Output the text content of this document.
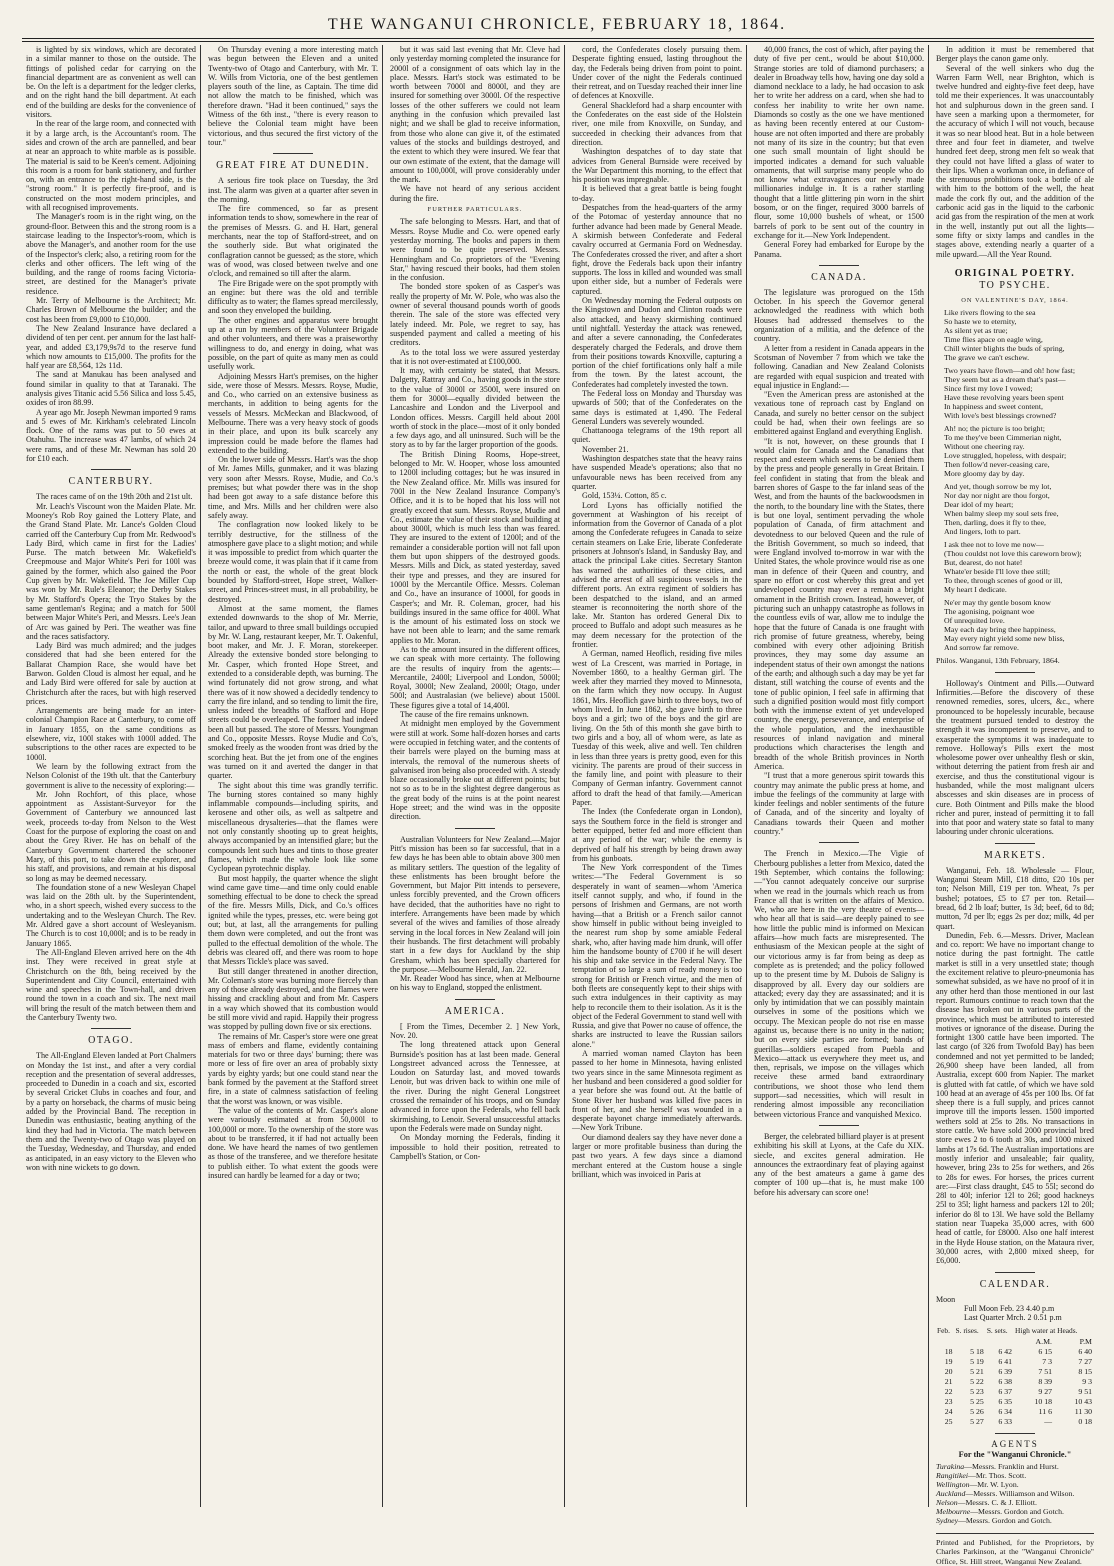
THE WANGANUI CHRONICLE, FEBRUARY 18, 1864.

is lighted by six windows, which are decorated in a similar manner to those on the outside. The fittings of polished cedar for carrying on the financial department are as convenient as well can be. On the left is a department for the ledger clerks, and on the right hand the bill department. At each end of the building are desks for the convenience of visitors.

In the rear of the large room, and connected with it by a large arch, is the Accountant's room. The sides and crown of the arch are pannelled, and bear at near an approach to white marble as is possible. The material is said to be Keen's cement. Adjoining this room is a room for bank stationery, and further on, with an entrance to the right-hand side, is the "strong room." It is perfectly fire-proof, and is constructed on the most modern principles, and with all recognised improvements.

The Manager's room is in the right wing, on the ground-floor. Between this and the strong room is a staircase leading to the Inspector's-room, which is above the Manager's, and another room for the use of the Inspector's clerk; also, a retiring room for the clerks and other officers. The left wing of the building, and the range of rooms facing Victoria-street, are destined for the Manager's private residence.

Mr. Terry of Melbourne is the Architect; Mr. Charles Brown of Melbourne the builder; and the cost has been from £9,000 to £10,000.

The New Zealand Insurance have declared a dividend of ten per cent. per annum for the last half-year, and added £3,179,9s7d to the reserve fund which now amounts to £15,000. The profits for the half year are £8,564, 12s 11d.

The sand at Manukau has been analysed and found similar in quality to that at Taranaki. The analysis gives Titanic acid 5.56 Silica and loss 5.45, oxides of iron 88.99.

A year ago Mr. Joseph Newman imported 9 rams and 5 ewes of Mr. Kirkham's celebrated Lincoln flock. One of the rams was put to 50 ewes at Otahuhu. The increase was 47 lambs, of which 24 were rams, and of these Mr. Newman has sold 20 for £10 each.

CANTERBURY.

The races came of on the 19th 20th and 21st ult.

Mr. Leach's Viscount won the Maiden Plate. Mr. Mooney's Rob Roy gained the Lottery Plate, and the Grand Stand Plate. Mr. Lance's Golden Cloud carried off the Canterbury Cup from Mr. Redwood's Lady Bird, which came in first for the Ladies' Purse. The match between Mr. Wakefield's Creepmouse and Major White's Peri for 100l was gained by the former, which also gained the Poor Cup given by Mr. Wakefield. The Joe Miller Cup was won by Mr. Rule's Eleanor; the Derby Stakes by Mr. Stafford's Opera; the Tryo Stakes by the same gentleman's Regina; and a match for 500l between Major White's Peri, and Messrs. Lee's Jean of Arc was gained by Peri. The weather was fine and the races satisfactory.

Lady Bird was much admired; and the judges considered that had she been entered for the Ballarat Champion Race, she would have bet Barwon. Golden Cloud is almost her equal, and he and Lady Bird were offered for sale by auction at Christchurch after the races, but with high reserved prices.

Arrangements are being made for an inter-colonial Champion Race at Canterbury, to come off in January 1855, on the same conditions as elsewhere, viz, 100l stakes with 1000l added. The subscriptions to the other races are expected to be 1000l.

We learn by the following extract from the Nelson Colonist of the 19th ult. that the Canterbury government is alive to the necessity of exploring:—

Mr. John Rochfort, of this place, whose appointment as Assistant-Surveyor for the Government of Canterbury we announced last week, proceeds to-day from Nelson to the West Coast for the purpose of exploring the coast on and about the Grey River. He has on behalf of the Canterbury Government chartered the schooner Mary, of this port, to take down the explorer, and his staff, and provisions, and remain at his disposal so long as may be deemed necessary.

The foundation stone of a new Wesleyan Chapel was laid on the 28th ult. by the Superintendent, who, in a short speech, wished every success to the undertaking and to the Wesleyan Church. The Rev. Mr. Aldred gave a short account of Wesleyanism. The Church is to cost 10,000l; and is to be ready in January 1865.

The All-England Eleven arrived here on the 4th inst. They were received in great style at Christchurch on the 8th, being received by the Superintendent and City Council, entertained with wine and speeches in the Town-hall, and driven round the town in a coach and six. The next mail will bring the result of the match between them and the Canterbury Twenty two.

OTAGO.

The All-England Eleven landed at Port Chalmers on Monday the 1st inst., and after a very cordial reception and the presentation of several addresses, proceeded to Dunedin in a coach and six, escorted by several Cricket Clubs in coaches and four, and by a party on horseback, the charms of music being added by the Provincial Band. The reception in Dunedin was enthusiastic, beating anything of the kind they had had in Victoria. The match between them and the Twenty-two of Otago was played on the Tuesday, Wednesday, and Thursday, and ended as anticipated, in an easy victory to the Eleven who won with nine wickets to go down.

On Thursday evening a more interesting match was begun between the Eleven and a united Twenty-two of Otago and Canterbury, with Mr. T. W. Wills from Victoria, one of the best gentlemen players south of the line, as Captain. The time did not allow the match to be finished, which was therefore drawn. "Had it been continued," says the Witness of the 6th inst., "there is every reason to believe the Colonial team might have been victorious, and thus secured the first victory of the tour."

GREAT FIRE AT DUNEDIN.

A serious fire took place on Tuesday, the 3rd inst. The alarm was given at a quarter after seven in the morning.

The fire commenced, so far as present information tends to show, somewhere in the rear of the premises of Messrs. G. and H. Hart, general merchants, near the top of Stafford-street, and on the southerly side. But what originated the conflagration cannot be guessed; as the store, which was of wood, was closed between twelve and one o'clock, and remained so till after the alarm.

The Fire Brigade were on the spot promptly with an engine: but there was the old and terrible difficulty as to water; the flames spread mercilessly, and soon they enveloped the building.

The other engines and apparatus were brought up at a run by members of the Volunteer Brigade and other volunteers, and there was a praiseworthy willingness to do, and energy in doing, what was possible, on the part of quite as many men as could usefully work.

Adjoining Messrs Hart's premises, on the higher side, were those of Messrs. Messrs. Royse, Mudie, and Co., who carried on an extensive business as merchants, in addition to being agents for the vessels of Messrs. McMeckan and Blackwood, of Melbourne. There was a very heavy stock of goods in their place, and upon its bulk scarcely any impression could be made before the flames had extended to the building.

On the lower side of Messrs. Hart's was the shop of Mr. James Mills, gunmaker, and it was blazing very soon after Messrs. Royse, Mudie, and Co.'s premises; but what powder there was in the shop had been got away to a safe distance before this time, and Mrs. Mills and her children were also safely away.

The conflagration now looked likely to be terribly destructive, for the stillness of the atmosphere gave place to a slight motion; and while it was impossible to predict from which quarter the breeze would come, it was plain that if it came from the north or east, the whole of the great block bounded by Stafford-street, Hope street, Walker-street, and Princes-street must, in all probability, be destroyed.

Almost at the same moment, the flames extended downwards to the shop of Mr. Merrie, tailor, and upward to three small buildings occupied by Mr. W. Lang, restaurant keeper, Mr. T. Oakenful, boot maker, and Mr. J. F. Moran, storekeeper. Already the extensive bonded store belonging to Mr. Casper, which fronted Hope Street, and extended to a considerable depth, was burning. The wind fortunately did not grow strong, and what there was of it now showed a decidedly tendency to carry the fire inland, and so tending to limit the fire, unless indeed the breadths of Stafford and Hope streets could be overleaped. The former had indeed been all but passed. The store of Messrs. Youngman and Co., opposite Messrs. Royse Mudie and Co's, smoked freely as the wooden front was dried by the scorching heat. But the jet from one of the engines was turned on it and averted the danger in that quarter.

The sight about this time was grandly terrific. The burning stores contained so many highly inflammable compounds—including spirits, and kerosene and other oils, as well as saltpetre and miscellaneous drysalteries—that the flames were not only constantly shooting up to great heights, always accompanied by an intensified glare; but the compounds lent such hues and tints to those greater flames, which made the whole look like some Cyclopean pyrotechnic display.

But most happily, the quarter whence the slight wind came gave time—and time only could enable something effectual to be done to check the spread of the fire. Messrs Mills, Dick, and Co.'s offices ignited while the types, presses, etc. were being got out; but, at last, all the arrangements for pulling them down were completed, and out the front was pulled to the effectual demolition of the whole. The debris was cleared off, and there was room to hope that Messrs Tickle's place was saved.

But still danger threatened in another direction, Mr. Coleman's store was burning more fiercely than any of those already destroyed, and the flames were hissing and crackling about and from Mr. Caspers in a way which showed that its combustion would be still more vivid and rapid. Happily their progress was stopped by pulling down five or six erections.

The remains of Mr. Casper's store were one great mass of embers and flame, evidently containing materials for two or three days' burning; there was more or less of fire over an area of probably sixty yards by eighty yards; but one could stand near the bank formed by the pavement at the Stafford street fire, in a state of calmness satisfaction of feeling that the worst was known, or was visible.

The value of the contents of Mr. Casper's alone were variously estimated at from 50,000l to 100,000l or more. To the ownership of the store was about to be transferred, it if had not actually been done. We have heard the names of two gentlemen as those of the transferee, and we therefore hesitate to publish either. To what extent the goods were insured can hardly be learned for a day or two;

but it was said last evening that Mr. Cleve had only yesterday morning completed the insurance for 2000l of a consignment of oats which lay in the place. Messrs. Hart's stock was estimated to be worth between 7000l and 8000l, and they are insured for something over 3000l. Of the respective losses of the other sufferers we could not learn anything in the confusion which prevailed last night; and we shall be glad to receive information, from those who alone can give it, of the estimated values of the stocks and buildings destroyed, and the extent to which they were insured. We fear that our own estimate of the extent, that the damage will amount to 100,000l, will prove considerably under the mark.

We have not heard of any serious accident during the fire.

FURTHER PARTICULARS.

The safe belonging to Messrs. Hart, and that of Messrs. Royse Mudie and Co. were opened early yesterday morning. The books and papers in them were found to be quite preserved. Messrs. Henningham and Co. proprietors of the "Evening Star," having rescued their books, had them stolen in the confusion.

The bonded store spoken of as Casper's was really the property of Mr. W. Pole, who was also the owner of several thousand pounds worth of goods therein. The sale of the store was effected very lately indeed. Mr. Pole, we regret to say, has suspended payment and called a meeting of his creditors.

As to the total loss we were assured yesterday that it is not over-estimated at £100,000.

It may, with certainty be stated, that Messrs. Dalgetty, Rattray and Co., having goods in the store to the value of 3000l or 3500l, were insured on them for 3000l—equally divided between the Lancashire and London and the Liverpool and London offices. Messrs. Cargill held about 200l worth of stock in the place—most of it only bonded a few days ago, and all uninsured. Such will be the story as to by far the larger proportion of the goods.

The British Dining Rooms, Hope-street, belonged to Mr. W. Hooper, whose loss amounted to 1200l including cottages; but he was insured in the New Zealand office. Mr. Mills was insured for 700l in the New Zealand Insurance Company's Office, and it is to be hoped that his loss will not greatly exceed that sum. Messrs. Royse, Mudie and Co., estimate the value of their stock and building at about 3000l, which is much less than was feared. They are insured to the extent of 1200l; and of the remainder a considerable portion will not fall upon them but upon shippers of the destroyed goods. Messrs. Mills and Dick, as stated yesterday, saved their type and presses, and they are insured for 1000l by the Mercantile Office. Messrs. Coleman and Co., have an insurance of 1000l, for goods in Casper's; and Mr. R. Coleman, grocer, had his buildings insured in the same office for 400l. What is the amount of his estimated loss on stock we have not been able to learn; and the same remark applies to Mr. Moran.

As to the amount insured in the different offices, we can speak with more certainty. The following are the results of inquiry from the agents:—Mercantile, 2400l; Liverpool and London, 5000l; Royal, 3000l; New Zealand, 2000l; Otago, under 500l; and Australasian (we believe) about 1500l. These figures give a total of 14,400l.

The cause of the fire remains unknown.

At midnight men employed by the Government were still at work. Some half-dozen horses and carts were occupied in fetching water, and the contents of their barrels were played on the burning mass at intervals, the removal of the numerous sheets of galvanised iron being also proceeded with. A steady blaze occasionally broke out at different points; but not so as to be in the slightest degree dangerous as the great body of the ruins is at the point nearest Hope street; and the wind was in the opposite direction.

Australian Volunteers for New Zealand.—Major Pitt's mission has been so far successful, that in a few days he has been able to obtain above 300 men as military settlers. The question of the legality of these enlistments has been brought before the Government, but Major Pitt intends to persevere, unless forcibly prevented, and the Crown officers have decided, that the authorities have no right to interfere. Arrangements have been made by which several of the wives and families of those already serving in the local forces in New Zealand will join their husbands. The first detachment will probably start in a few days for Auckland by the ship Gresham, which has been specially chartered for the purpose.—Melbourne Herald, Jan. 22.

Mr. Reader Wood has since, when at Melbourne on his way to England, stopped the enlistment.

AMERICA.

[ From the Times, December 2. ] New York, Nov. 20.

The long threatened attack upon General Burnside's position has at last been made. General Longstreet advanced across the Tennessee, at Loudon on Saturday last, and moved towards Lenoir, but was driven back to within one mile of the river. During the night General Longstreet crossed the remainder of his troops, and on Sunday advanced in force upon the Federals, who fell back skirmishing, to Lenoir. Several unsuccessful attacks upon the Federals were made on Sunday night.

On Monday morning the Federals, finding it impossible to hold their position, retreated to Campbell's Station, or Con-

cord, the Confederates closely pursuing them. Desperate fighting ensued, lasting throughout the day, the Federals being driven from point to point. Under cover of the night the Federals continued their retreat, and on Tuesday reached their inner line of defences at Knoxville.

General Shackleford had a sharp encounter with the Confederates on the east side of the Holstein river, one mile from Knoxville, on Sunday, and succeeded in checking their advances from that direction.

Washington despatches of to day state that advices from General Burnside were received by the War Department this morning, to the effect that his position was impregnable.

It is believed that a great battle is being fought to-day.

Despatches from the head-quarters of the army of the Potomac of yesterday announce that no further advance had been made by General Meade. A skirmish between Confederate and Federal cavalry occurred at Germania Ford on Wednesday. The Confederates crossed the river, and after a short fight, drove the Federals back upon their infantry supports. The loss in killed and wounded was small upon either side, but a number of Federals were captured.

On Wednesday morning the Federal outposts on the Kingstown and Dudon and Clinton roads were also attacked, and heavy skirmishing continued until nightfall. Yesterday the attack was renewed, and after a severe cannonading, the Confederates desperately charged the Federals, and drove them from their positions towards Knoxville, capturing a portion of the chief fortifications only half a mile from the town. By the latest account, the Confederates had completely invested the town.

The Federal loss on Monday and Thursday was upwards of 500; that of the Confederates on the same days is estimated at 1,490. The Federal General Lunders was severely wounded.

Chattanooga telegrams of the 19th report all quiet.

November 21.

Washington despatches state that the heavy rains have suspended Meade's operations; also that no unfavourable news has been received from any quarter.

Gold, 153¼. Cotton, 85 c.

Lord Lyons has officially notified the government at Washington of his receipt of information from the Governor of Canada of a plot among the Confederate refugees in Canada to seize certain steamers on Lake Erie, liberate Confederate prisoners at Johnson's Island, in Sandusky Bay, and attack the principal Lake cities. Secretary Stanton has warned the authorities of these cities, and advised the arrest of all suspicious vessels in the different ports. An extra regiment of soldiers has been despatched to the island, and an armed steamer is reconnoitering the north shore of the lake. Mr. Stanton has ordered General Dix to proceed to Buffalo and adopt such measures as he may deem necessary for the protection of the frontier.

A German, named Heoflich, residing five miles west of La Crescent, was married in Portage, in November 1860, to a healthy German girl. The week after they married they moved to Minnesota, on the farm which they now occupy. In August 1861, Mrs. Heoflich gave birth to three boys, two of whom lived. In June 1862, she gave birth to three boys and a girl; two of the boys and the girl are living. On the 5th of this month she gave birth to two girls and a boy, all of whom were, as late as Tuesday of this week, alive and well. Ten children in less than three years is pretty good, even for this vicinity. The parents are proud of their success in the family line, and point with pleasure to their Company of German infantry. Government cannot afford to draft the head of that family.—American Paper.

The Index (the Confederate organ in London), says the Southern force in the field is stronger and better equipped, better fed and more efficient than at any period of the war; while the enemy is deprived of half his strength by being drawn away from his gunboats.

The New York correspondent of the Times writes:—"The Federal Government is so desperately in want of seamen—whom 'America itself cannot supply, and who, if found in the persons of Irishmen and Germans, are not worth having—that a British or a French sailor cannot show himself in public without being inveigled to the nearest rum shop by some amiable Federal shark, who, after having made him drunk, will offer him the handsome bounty of £700 if he will desert his ship and take service in the Federal Navy. The temptation of so large a sum of ready money is too strong for British or French virtue, and the men of both fleets are consequently kept to their ships with such extra indulgences in their captivity as may help to reconcile them to their isolation. As it is the object of the Federal Government to stand well with Russia, and give that Power no cause of offence, the sharks are instructed to leave the Russian sailors alone."

A married woman named Clayton has been passed to her home in Minnesota, having enlisted two years since in the same Minnesota regiment as her husband and been considered a good soldier for a year before she was found out. At the battle of Stone River her husband was killed five paces in front of her, and she herself was wounded in a desperate bayonet charge immediately afterwards.—New York Tribune.

Our diamond dealers say they have never done a larger or more profitable business than during the past two years. A few days since a diamond merchant entered at the Custom house a single brilliant, which was invoiced in Paris at

40,000 francs, the cost of which, after paying the duty of five per cent., would be about $10,000. Strange stories are told of diamond purchasers; a dealer in Broadway tells how, having one day sold a diamond necklace to a lady, he had occasion to ask her to write her address on a card, when she had to confess her inability to write her own name. Diamonds so costly as the one we have mentioned as having been recently entered at our Custom-house are not often imported and there are probably not many of its size in the country; but that even one such small mountain of light should be imported indicates a demand for such valuable ornaments, that will surprise many people who do not know what extravagances our newly made millionaries indulge in. It is a rather startling thought that a little glittering pin worn in the shirt bosom, or on the finger, required 3000 barrels of flour, some 10,000 bushels of wheat, or 1500 barrels of pork to be sent out of the country in exchange for it.—New York Independent.

General Forey had embarked for Europe by the Panama.

CANADA.

The legislature was prorogued on the 15th October. In his speech the Governor general acknowledged the readiness with which both Houses had addressed themselves to the organization of a militia, and the defence of the country.

A letter from a resident in Canada appears in the Scotsman of November 7 from which we take the following. Canadian and New Zealand Colonists are regarded with equal suspicion and treated with equal injustice in England:—

"Even the American press are astonished at the vexatious tone of reproach cast by England on Canada, and surely no better censor on the subject could be had, when their own feelings are so embittered against England and everything English.

"It is not, however, on these grounds that I would claim for Canada and the Canadians that respect and esteem which seems to be denied them by the press and people generally in Great Britain. I feel confident in stating that from the bleak and barren shores of Gaspe to the far inland seas of the West, and from the haunts of the backwoodsmen in the north, to the boundary line with the States, there is but one loyal, sentiment pervading the whole population of Canada, of firm attachment and devotedness to our beloved Queen and the rule of the British Government, so much so indeed, that were England involved to-morrow in war with the United States, the whole province would rise as one man in defence of their Queen and country, and spare no effort or cost whereby this great and yet undeveloped country may ever a remain a bright ornament in the British crown. Instead, however, of picturing such an unhappy catastrophe as follows in the countless evils of war, allow me to indulge the hope that the future of Canada is one fraught with rich promise of future greatness, whereby, being combined with every other adjoining British provinces, they may some day assume an independent status of their own amongst the nations of the earth; and although such a day may be yet far distant, still watching the course of events and the tone of public opinion, I feel safe in affirming that such a dignified position would most fitly comport both with the immense extent of yet undeveloped country, the energy, perseverance, and enterprise of the whole population, and the inexhaustible resources of inland navigation and mineral productions which characterises the length and breadth of the whole British provinces in North America.

"I trust that a more generous spirit towards this country may animate the public press at home, and imbue the feelings of the community at large with kinder feelings and nobler sentiments of the future of Canada, and of the sincerity and loyalty of Canadians towards their Queen and mother country."

The French in Mexico.—The Vigie of Cherbourg publishes a letter from Mexico, dated the 19th September, which contains the following:—"You cannot adequately conceive our surprise when we read in the journals which reach us from France all that is written on the affairs of Mexico. We, who are here in the very theatre of events—who hear all that is said—are deeply pained to see how little the public mind is informed on Mexican affairs—how much facts are misrepresented. The enthusiasm of the Mexican people at the sight of our victorious army is far from being as deep as complete as is pretended; and the policy followed up to the present time by M. Dubois de Saligny is disapproved by all. Every day our soldiers are attacked; every day they are assassinated; and it is only by intimidation that we can possibly maintain ourselves in some of the positions which we occupy. The Mexican people do not rise en masse against us, because there is no unity in the nation; but on every side parties are formed; bands of guerillas—soldiers escaped from Puebla and Mexico—attack us everywhere they meet us, and then, reprisals, we impose on the villages which receive these armed band extraordinary contributions, we shoot those who lend them support—sad necessities, which will result in rendering almost impossible any reconciliation between victorious France and vanquished Mexico.

Berger, the celebrated billiard player is at present exhibiting his skill at Lyons, at the Cafe du XIX. siecle, and excites general admiration. He announces the extraordinary feat of playing against any of the best amateurs a game à game des compter of 100 up—that is, he must make 100 before his adversary can score one!

In addition it must be remembered that Berger plays the canon game only.

Several of the well sinkers who dug the Warren Farm Well, near Brighton, which is twelve hundred and eighty-five feet deep, have told me their experiences. It was unaccountably hot and sulphurous down in the green sand. I have seen a marking upon a thermometer, for the accuracy of which I will not vouch, because it was so near blood heat. But in a hole between three and four feet in diameter, and twelve hundred feet deep, strong men felt so weak that they could not have lifted a glass of water to their lips. When a workman once, in defiance of the strenuous prohibitions took a bottle of ale with him to the bottom of the well, the heat made the cork fly out, and the addition of the carbonic acid gas in the liquid to the carbonic acid gas from the respiration of the men at work in the well, instantly put out all the lights—some fifty or sixty lamps and candles in the stages above, extending nearly a quarter of a mile upward.—All the Year Round.

ORIGINAL POETRY.
TO PSYCHE.
ON VALENTINE'S DAY, 1864.
Like rivers flowing to the sea
So haste we to eternity,
As silent yet as true;
Time flies apace on eagle wing,
Chill winter blights the buds of spring,
The grave we can't eschew.
Two years have flown—and oh! how fast;
They seem but as a dream that's past—
Since first my love I vowed;
Have these revolving years been spent
In happiness and sweet content,
With love's best blessings crowned?
Ah! no; the picture is too bright;
To me they've been Cimmerian night,
Without one cheering ray.
Love struggled, hopeless, with despair;
Then follow'd never-ceasing care,
More gloomy day by day.
And yet, though sorrow be my lot,
Nor day nor night are thou forgot,
Dear idol of my heart;
When balmy sleep my soul sets free,
Then, darling, does it fly to thee,
And lingers, loth to part.
I ask thee not to love me now—
(Thou couldst not love this careworn brow);
But, dearest, do not hate!
Whate'er beside I'll love thee still;
To thee, through scenes of good or ill,
My heart I dedicate.
Ne'er may thy gentle bosom know
The agonising, poignant woe
Of unrequited love.
May each day bring thee happiness,
May every night yield some new bliss,
And sorrow far remove.
Philos. Wanganui, 13th February, 1864.

Holloway's Ointment and Pills.—Outward Infirmities.—Before the discovery of these renowned remedies, sores, ulcers, &c., where pronounced to be hopelessly incurable, because the treatment pursued tended to destroy the strength it was incompetent to preserve, and to exasperate the symptoms it was inadequate to remove. Holloway's Pills exert the most wholesome power over unhealthy flesh or skin, without deterring the patient from fresh air and exercise, and thus the constitutional vigour is husbanded, while the most malignant ulcers abscesses and skin diseases are in process of cure. Both Ointment and Pills make the blood richer and purer, instead of permitting it to fall into that poor and watery state so fatal to many labouring under chronic ulcerations.

MARKETS.

Wanganui, Feb. 18. Wholesale — Flour, Wanganui Steam Mill, £18 ditto, £20 10s per ton; Nelson Mill, £19 per ton. Wheat, 7s per bushel; potatoes, £5 to £7 per ton. Retail—bread, 6d 2 lb loaf; butter, 1s 3d; beef, 6d to 8d; mutton, 7d per lb; eggs 2s per doz; milk, 4d per quart.

Dunedin, Feb. 6.—Messrs. Driver, Maclean and co. report: We have no important change to notice during the past fortnight. The cattle market is still in a very unsettled state; though the excitement relative to pleuro-pneumonia has somewhat subsided, as we have no proof of it in any other herd than those mentioned in our last report. Rumours continue to reach town that the disease has broken out in various parts of the province, which must be attributed to interested motives or ignorance of the disease. During the fortnight 1300 cattle have been imported. The last cargo (of 326 from Twofold Bay) has been condemned and not yet permitted to be landed; 26,900 sheep have been landed, all from Australia, except 600 from Napier. The market is glutted with fat cattle, of which we have sold 100 head at an average of 45s per 100 lbs. Of fat sheep there is a full supply, and prices cannot improve till the imports lessen. 1500 imported wethers sold at 25s to 28s. No transactions in store cattle. We have sold 2000 provincial bred store ewes 2 to 6 tooth at 30s, and 1000 mixed lambs at 17s 6d. The Australian importations are mostly inferior and unsaleable; fair quality, however, bring 23s to 25s for wethers, and 26s to 28s for ewes. For horses, the prices current are:—First class draught, £45 to 55l; second do 28l to 40l; inferior 12l to 26l; good hackneys 25l to 35l; light harness and packers 12l to 20l; inferior do 8l to 13l. We have sold the Bellamy station near Tuapeka 35,000 acres, with 600 head of cattle, for £8000. Also one half interest in the Hyde House station, on the Mataura river, 30,000 acres, with 2,800 mixed sheep, for £6,000.

CALENDAR.
Moon
Full Moon Feb. 23 4.40 p.m
Last Quarter Mrch. 2 0.51 p.m
Feb.	S. rises.	S. sets.	High water at Heads.	
			A.M.	P.M
18	5 18	6 42	6 15	6 40
19	5 19	6 41	7 3	7 27
20	5 21	6 39	7 51	8 15
21	5 22	6 38	8 39	9 3
22	5 23	6 37	9 27	9 51
23	5 25	6 35	10 18	10 43
24	5 26	6 34	11 6	11 30
25	5 27	6 33	—	0 18
AGENTS
For the "Wanganui Chronicle."
Turakina—Messrs. Franklin and Hurst.
Rangitikei—Mr. Thos. Scott.
Wellington—Mr. W. Lyon.
Auckland—Messrs. Williamson and Wilson.
Nelson—Messrs. C. & J. Elliott.
Melbourne—Messrs. Gordon and Gotch.
Sydney—Messrs. Gordon and Gotch.
Printed and Published, for the Proprietors, by Charles Parkinson, at the "Wanganui Chronicle" Office, St. Hill street, Wanganui New Zealand.
